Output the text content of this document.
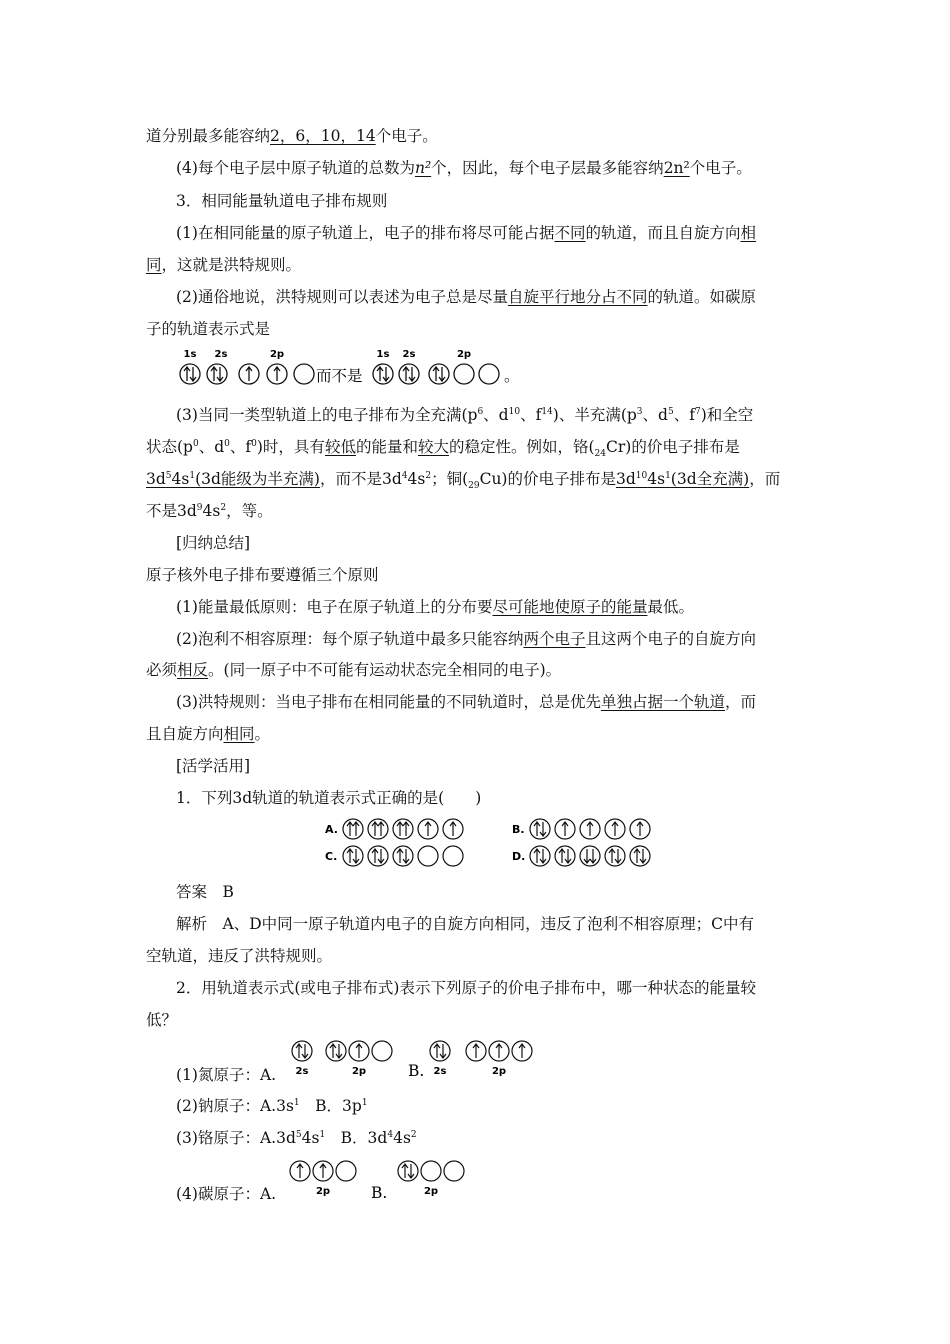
道分别最多能容纳2，6，10，14个电子。
(4)每个电子层中原子轨道的总数为n²个，因此，每个电子层最多能容纳2n²个电子。
3．相同能量轨道电子排布规则
(1)在相同能量的原子轨道上，电子的排布将尽可能占据不同的轨道，而且自旋方向相
同，这就是洪特规则。
(2)通俗地说，洪特规则可以表述为电子总是尽量自旋平行地分占不同的轨道。如碳原
子的轨道表示式是
1s 2s	2p
而不是
1s 2s	2p
。
(3)当同一类型轨道上的电子排布为全充满($p^6$、$d^{10}$、$f^{14}$)、半充满($p^3$、$d^5$、$f^7$)和全空
状态($p^0$、$d^0$、$f^0$)时，具有较低的能量和较大的稳定性。例如，铬$(_{24}Cr)$的价电子排布是
$3d^54s^1(3d$能级为半充满)，而不是$3d^44s^2$；铜$(_{29}Cu)$的价电子排布是$3d^{10}4s^1(3d$全充满)，而
不是$3d^94s^2$，等。
[归纳总结]
原子核外电子排布要遵循三个原则
(1)能量最低原则：电子在原子轨道上的分布要尽可能地使原子的能量最低。
(2)泡利不相容原理：每个原子轨道中最多只能容纳两个电子且这两个电子的自旋方向
必须相反。(同一原子中不可能有运动状态完全相同的电子)。
(3)洪特规则：当电子排布在相同能量的不同轨道时，总是优先单独占据一个轨道，而
且自旋方向相同。
[活学活用]
1．下列3d轨道的轨道表示式正确的是(　　)
A.	B.
C.	D.
答案　B
解析　A、D中同一原子轨道内电子的自旋方向相同，违反了泡利不相容原理；C中有
空轨道，违反了洪特规则。
2．用轨道表示式(或电子排布式)表示下列原子的价电子排布中，哪一种状态的能量较
低？
(1)氮原子：A. 2s	2p	B. 2s	2p
(2)钠原子：$A.3s^1$　B．$3p^1$
(3)铬原子：$A.3d^54s^1$　B．$3d^44s^2$
(4)碳原子：A.	2p	B.	2p
